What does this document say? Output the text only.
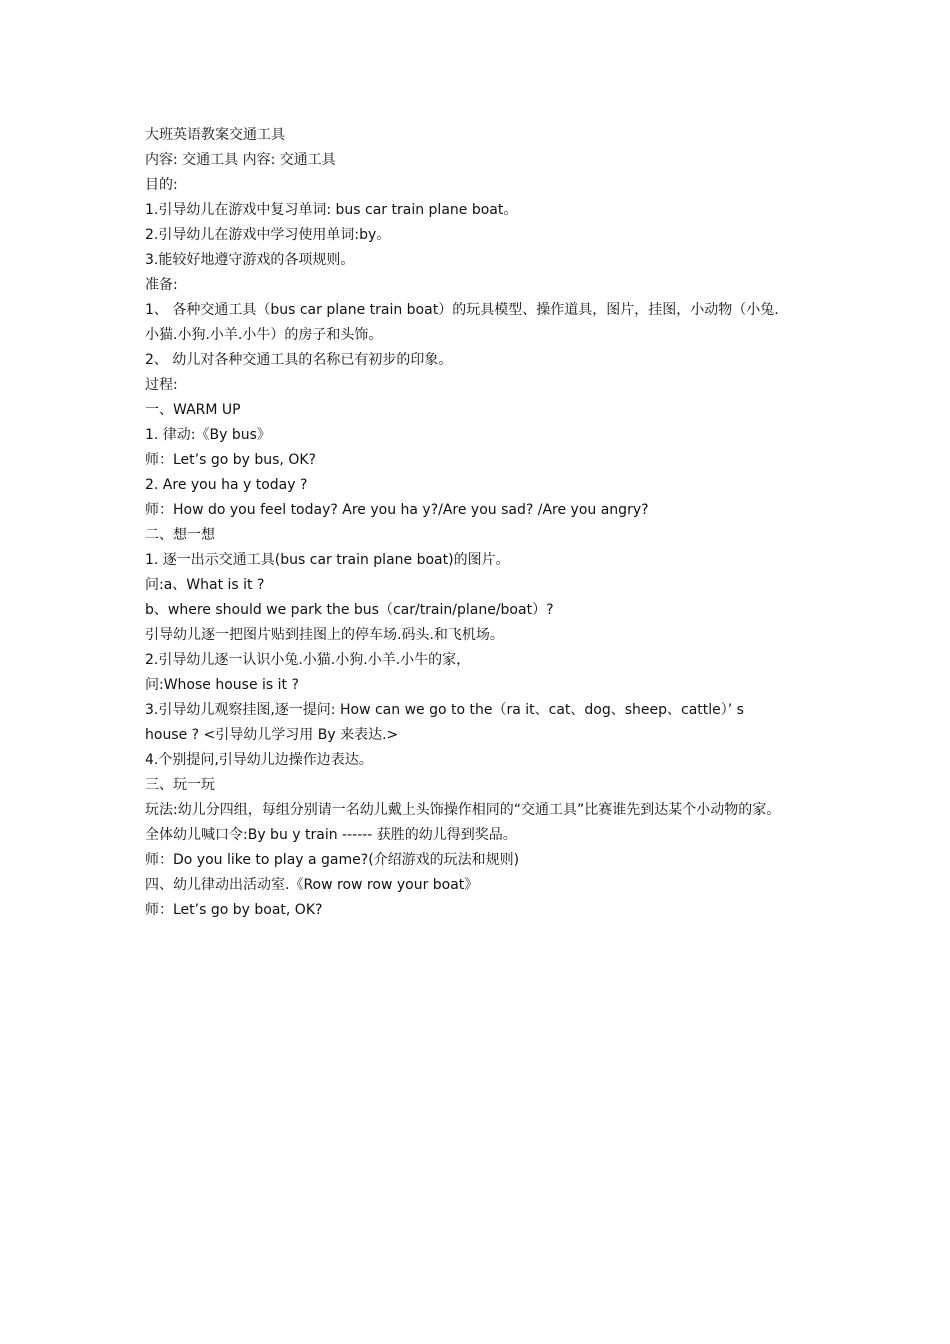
大班英语教案交通工具
内容: 交通工具 内容: 交通工具
目的:
1.引导幼儿在游戏中复习单词: bus car train plane boat。
2.引导幼儿在游戏中学习使用单词:by。
3.能较好地遵守游戏的各项规则。
准备:
1、 各种交通工具（bus car plane train boat）的玩具模型、操作道具，图片，挂图，小动物（小兔.
小猫.小狗.小羊.小牛）的房子和头饰。
2、 幼儿对各种交通工具的名称已有初步的印象。
过程:
一、WARM UP
1. 律动:《By bus》
师：Let’s go by bus, OK?
2. Are you ha y today ?
师：How do you feel today? Are you ha y?/Are you sad? /Are you angry?
二、想一想
1. 逐一出示交通工具(bus car train plane boat)的图片。
问:a、What is it ?
b、where should we park the bus（car/train/plane/boat）?
引导幼儿逐一把图片贴到挂图上的停车场.码头.和飞机场。
2.引导幼儿逐一认识小兔.小猫.小狗.小羊.小牛的家，
问:Whose house is it ?
3.引导幼儿观察挂图,逐一提问: How can we go to the（ra it、cat、dog、sheep、cattle）’ s
house ? <引导幼儿学习用 By 来表达.>
4.个别提问,引导幼儿边操作边表达。
三、玩一玩
玩法:幼儿分四组，每组分别请一名幼儿戴上头饰操作相同的“交通工具”比赛谁先到达某个小动物的家。
全体幼儿喊口令:By bu y train ------ 获胜的幼儿得到奖品。
师：Do you like to play a game?(介绍游戏的玩法和规则)
四、幼儿律动出活动室.《Row row row your boat》
师：Let’s go by boat, OK?
